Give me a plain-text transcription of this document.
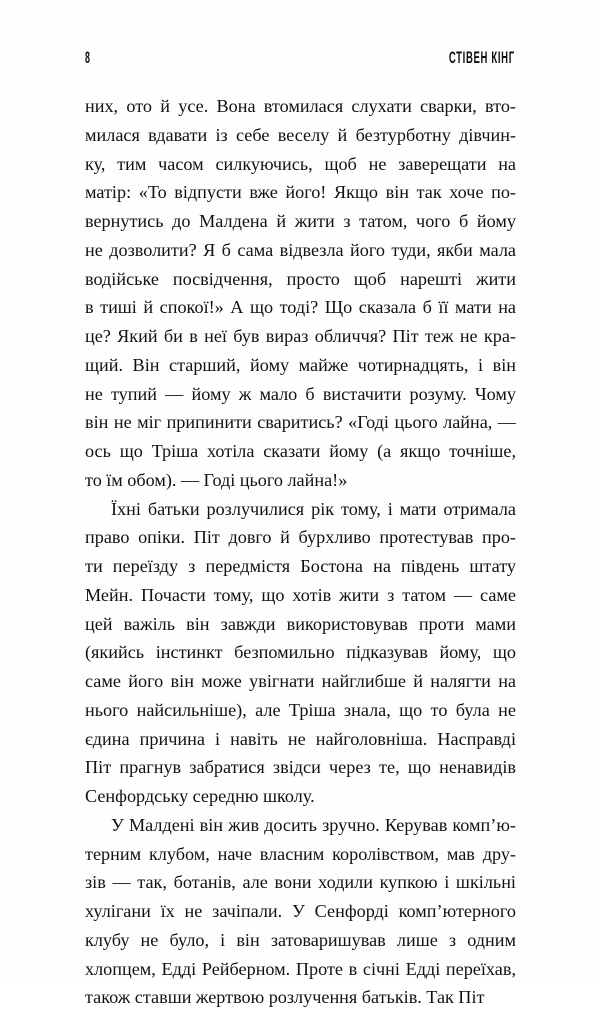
8	СТІВЕН КІНГ

них, ото й усе. Вона втомилася слухати сварки, вто-
милася вдавати із себе веселу й безтурботну дівчин-
ку, тим часом силкуючись, щоб не заверещати на
матір: «То відпусти вже його! Якщо він так хоче по-
вернутись до Малдена й жити з татом, чого б йому
не дозволити? Я б сама відвезла його туди, якби мала
водійське посвідчення, просто щоб нарешті жити
в тиші й спокої!» А що тоді? Що сказала б її мати на
це? Який би в неї був вираз обличчя? Піт теж не кра-
щий. Він старший, йому майже чотирнадцять, і він
не тупий — йому ж мало б вистачити розуму. Чому
він не міг припинити сваритись? «Годі цього лайна, —
ось що Тріша хотіла сказати йому (а якщо точніше,
то їм обом). — Годі цього лайна!»

Їхні батьки розлучилися рік тому, і мати отримала
право опіки. Піт довго й бурхливо протестував про-
ти переїзду з передмістя Бостона на південь штату
Мейн. Почасти тому, що хотів жити з татом — саме
цей важіль він завжди використовував проти мами
(якийсь інстинкт безпомильно підказував йому, що
саме його він може увігнати найглибше й налягти на
нього найсильніше), але Тріша знала, що то була не
єдина причина і навіть не найголовніша. Насправді
Піт прагнув забратися звідси через те, що ненавидів
Сенфордську середню школу.

У Малдені він жив досить зручно. Керував комп’ю-
терним клубом, наче власним королівством, мав дру-
зів — так, ботанів, але вони ходили купкою і шкільні
хулігани їх не зачіпали. У Сенфорді комп’ютерного
клубу не було, і він затоваришував лише з одним
хлопцем, Едді Рейберном. Проте в січні Едді переїхав,
також ставши жертвою розлучення батьків. Так Піт
